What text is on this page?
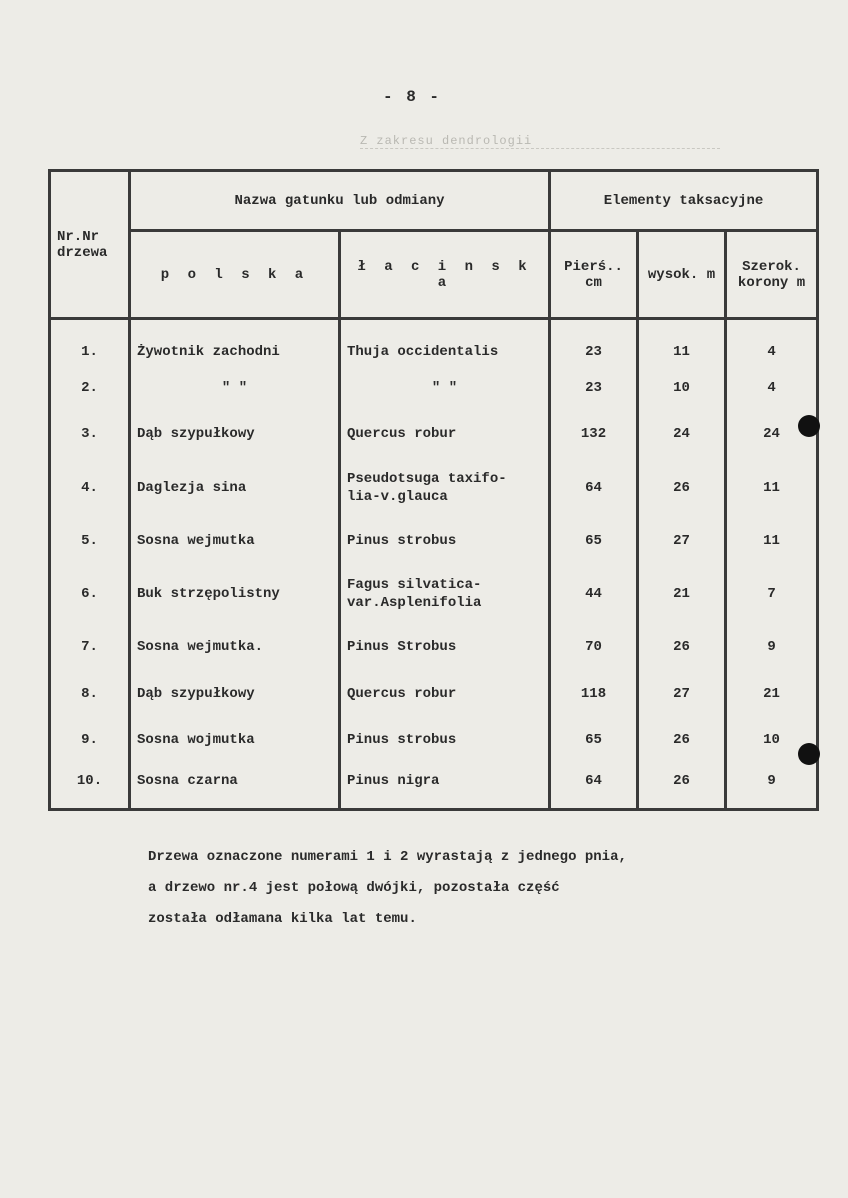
- 8 -
Z zakresu dendrologii
Nr.Nr drzewa	Nazwa gatunku lub odmiany		Elementy taksacyjne		
	p o l s k a	ł a c i n s k a	Pierś.. cm	wysok. m	Szerok. korony m
1.	Żywotnik zachodni	Thuja occidentalis	23	11	4
2.	" "	" "	23	10	4
3.	Dąb szypułkowy	Quercus robur	132	24	24
4.	Daglezja sina	Pseudotsuga taxifo- lia-v.glauca	64	26	11
5.	Sosna wejmutka	Pinus strobus	65	27	11
6.	Buk strzępolistny	Fagus silvatica- var.Asplenifolia	44	21	7
7.	Sosna wejmutka.	Pinus Strobus	70	26	9
8.	Dąb szypułkowy	Quercus robur	118	27	21
9.	Sosna wojmutka	Pinus strobus	65	26	10
10.	Sosna czarna	Pinus nigra	64	26	9

Drzewa oznaczone numerami 1 i 2 wyrastają z jednego pnia,

a drzewo nr.4 jest połową dwójki, pozostała część

została odłamana kilka lat temu.
